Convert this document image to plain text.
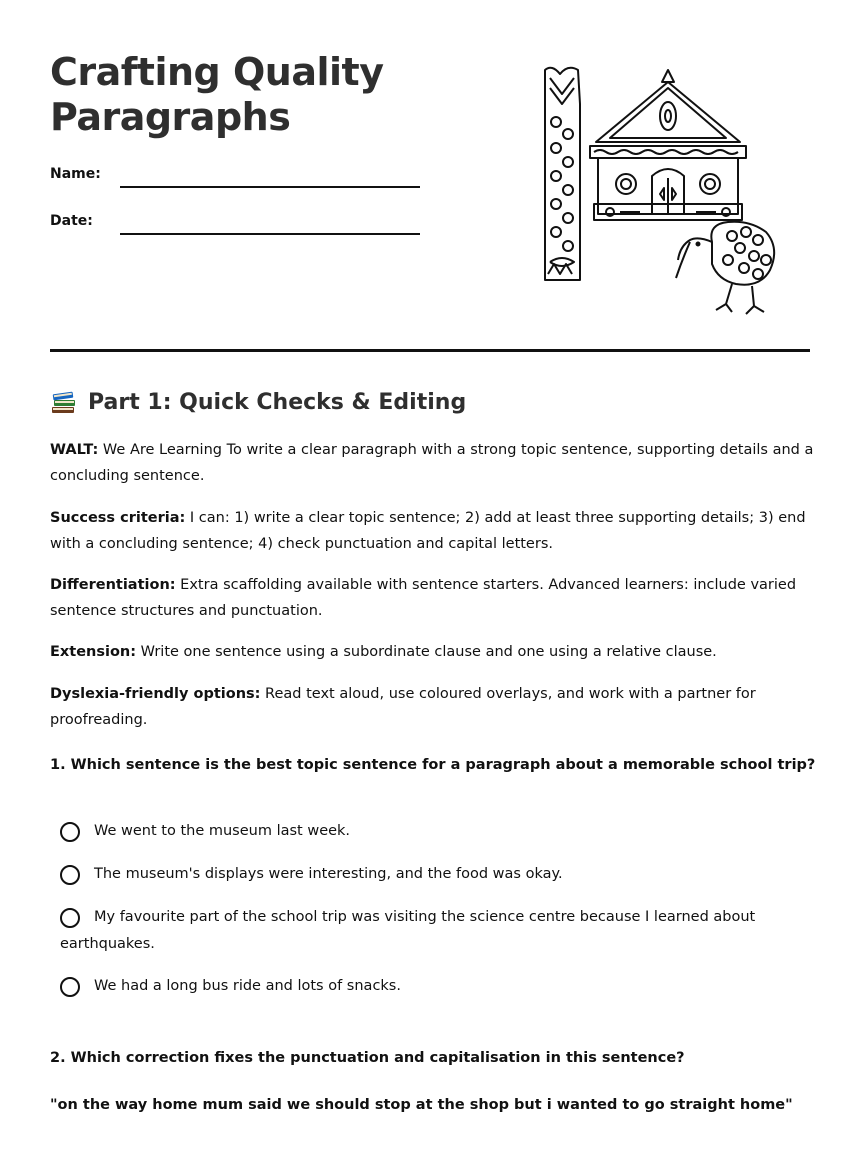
Crafting Quality
Paragraphs
Name:
Date:
Part 1: Quick Checks & Editing

WALT: We Are Learning To write a clear paragraph with a strong topic sentence, supporting details and a concluding sentence.

Success criteria: I can: 1) write a clear topic sentence; 2) add at least three supporting details; 3) end with a concluding sentence; 4) check punctuation and capital letters.

Differentiation: Extra scaffolding available with sentence starters. Advanced learners: include varied sentence structures and punctuation.

Extension: Write one sentence using a subordinate clause and one using a relative clause.

Dyslexia-friendly options: Read text aloud, use coloured overlays, and work with a partner for proofreading.

1. Which sentence is the best topic sentence for a paragraph about a memorable school trip?

We went to the museum last week.

The museum's displays were interesting, and the food was okay.

My favourite part of the school trip was visiting the science centre because I learned about earthquakes.

We had a long bus ride and lots of snacks.

2. Which correction fixes the punctuation and capitalisation in this sentence?

"on the way home mum said we should stop at the shop but i wanted to go straight home"
